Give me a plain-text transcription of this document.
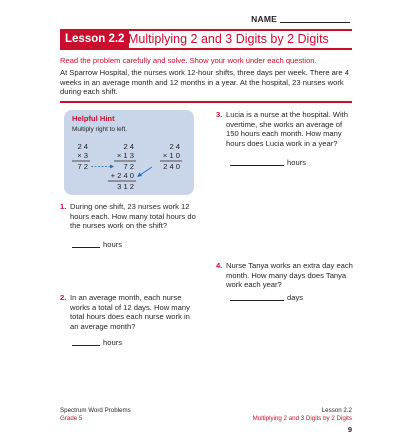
NAME
Lesson 2.2 Multiplying 2 and 3 Digits by 2 Digits
Read the problem carefully and solve. Show your work under each question.
At Sparrow Hospital, the nurses work 12-hour shifts, three days per week. There are 4 weeks in an average month and 12 months in a year. At the hospital, 23 nurses work during each shift.
Helpful Hint
Multiply right to left.
2 4
× 3
7 2
2 4
× 1 3
7 2
+ 2 4 0
3 1 2
2 4
× 1 0
2 4 0
1. During one shift, 23 nurses work 12 hours each. How many total hours do the nurses work on the shift?
hours
2. In an average month, each nurse works a total of 12 days. How many total hours does each nurse work in an average month?
hours
3. Lucia is a nurse at the hospital. With overtime, she works an average of 150 hours each month. How many hours does Lucia work in a year?
hours
4. Nurse Tanya works an extra day each month. How many days does Tanya work each year?
days
Spectrum Word Problems
Grade 5
Lesson 2.2
Multiplying 2 and 3 Digits by 2 Digits
9
